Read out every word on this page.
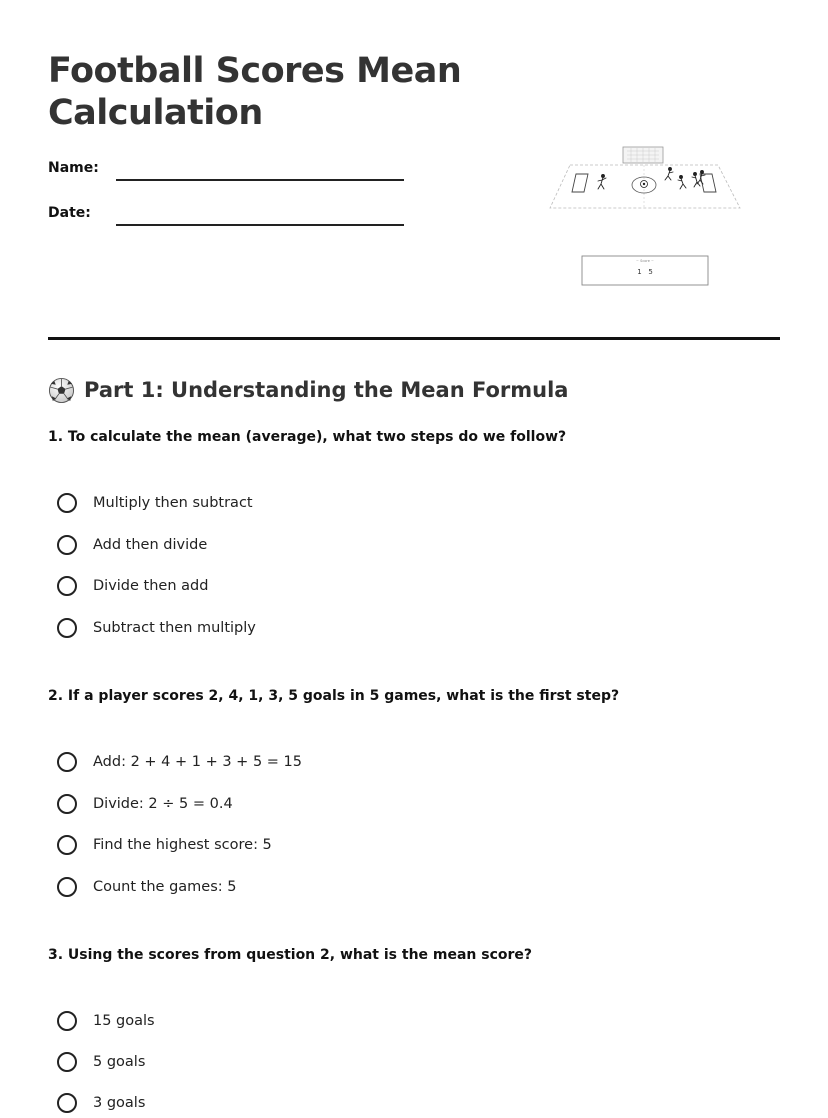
Football Scores Mean Calculation
Name:
Date:
~ Score ~
1   5
Part 1: Understanding the Mean Formula
1. To calculate the mean (average), what two steps do we follow?
Multiply then subtract
Add then divide
Divide then add
Subtract then multiply
2. If a player scores 2, 4, 1, 3, 5 goals in 5 games, what is the first step?
Add: 2 + 4 + 1 + 3 + 5 = 15
Divide: 2 ÷ 5 = 0.4
Find the highest score: 5
Count the games: 5
3. Using the scores from question 2, what is the mean score?
15 goals
5 goals
3 goals
